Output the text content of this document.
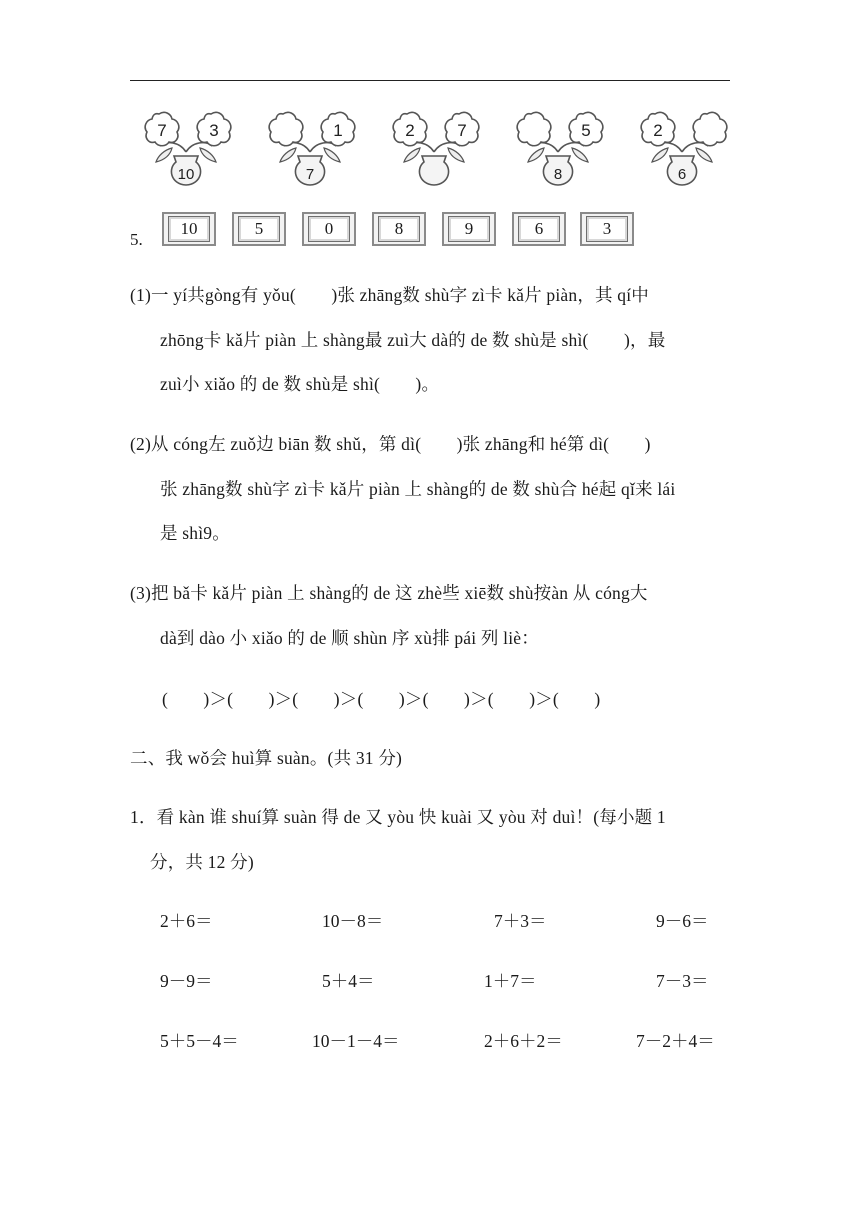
7	3
10
1
7
2	7	5
8
2
6
5.
10	5	0	8	9	6	3
(1)一 yí共gòng有 yǒu(　　)张 zhāng数 shù字 zì卡 kǎ片 piàn，其 qí中
zhōng卡 kǎ片 piàn 上 shàng最 zuì大 dà的 de 数 shù是 shì(　　)，最
zuì小 xiǎo 的 de 数 shù是 shì(　　)。
(2)从 cóng左 zuǒ边 biān 数 shǔ，第 dì(　　)张 zhāng和 hé第 dì(　　)
张 zhāng数 shù字 zì卡 kǎ片 piàn 上 shàng的 de 数 shù合 hé起 qǐ来 lái
是 shì9。
(3)把 bǎ卡 kǎ片 piàn 上 shàng的 de 这 zhè些 xiē数 shù按àn 从 cóng大
dà到 dào 小 xiǎo 的 de 顺 shùn 序 xù排 pái 列 liè：
(　　)＞(　　)＞(　　)＞(　　)＞(　　)＞(　　)＞(　　)
二、我 wǒ会 huì算 suàn。(共 31 分)
1．看 kàn 谁 shuí算 suàn 得 de 又 yòu 快 kuài 又 yòu 对 duì！(每小题 1
分，共 12 分)
2＋6＝	10－8＝	7＋3＝	9－6＝
9－9＝	5＋4＝	1＋7＝	7－3＝
5＋5－4＝	10－1－4＝	2＋6＋2＝	7－2＋4＝
